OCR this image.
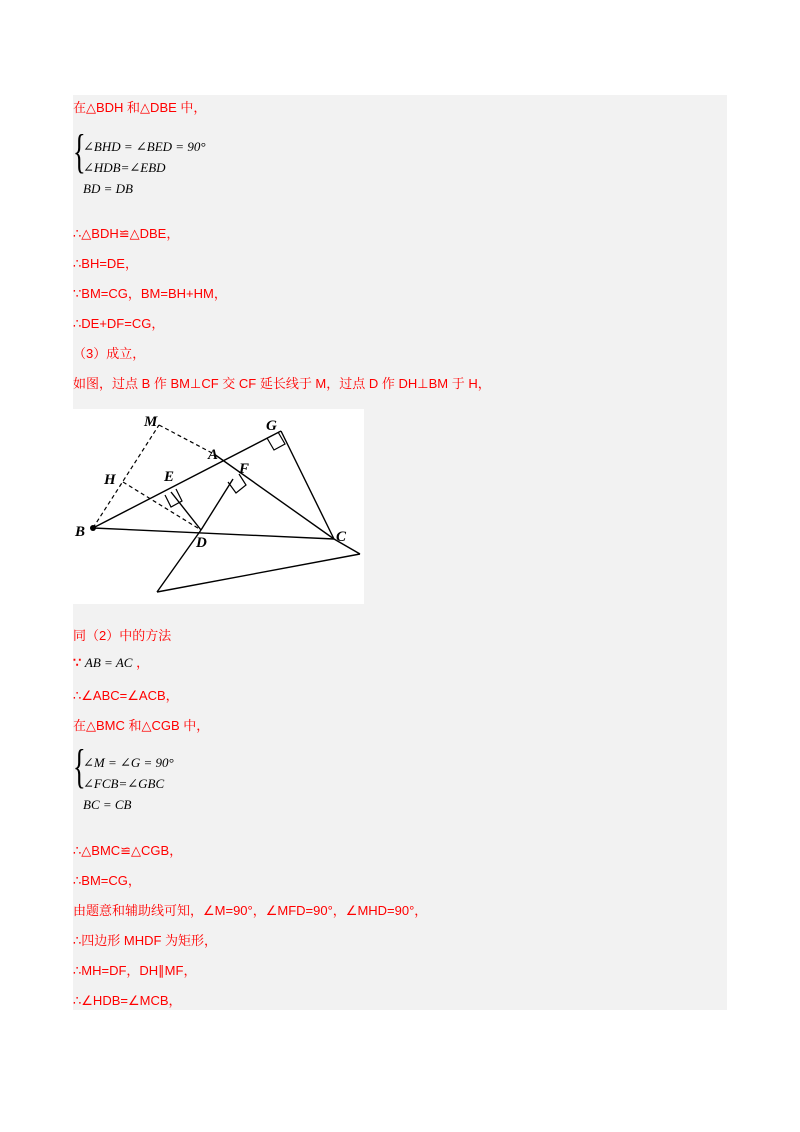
在△BDH 和△DBE 中，
{
∠BHD = ∠BED = 90°
∠HDB=∠EBD
BD = DB
∴△BDH≌△DBE，
∴BH=DE，
∵BM=CG，BM=BH+HM，
∴DE+DF=CG，
（3）成立，
如图，过点 B 作 BM⊥CF 交 CF 延长线于 M，过点 D 作 DH⊥BM 于 H，
M	G
A
E	F
H
B
D	C
同（2）中的方法
∵ AB = AC ，
∴∠ABC=∠ACB，
在△BMC 和△CGB 中，
{
∠M = ∠G = 90°
∠FCB=∠GBC
BC = CB
∴△BMC≌△CGB，
∴BM=CG，
由题意和辅助线可知，∠M=90°，∠MFD=90°，∠MHD=90°，
∴四边形 MHDF 为矩形，
∴MH=DF，DH∥MF，
∴∠HDB=∠MCB，
